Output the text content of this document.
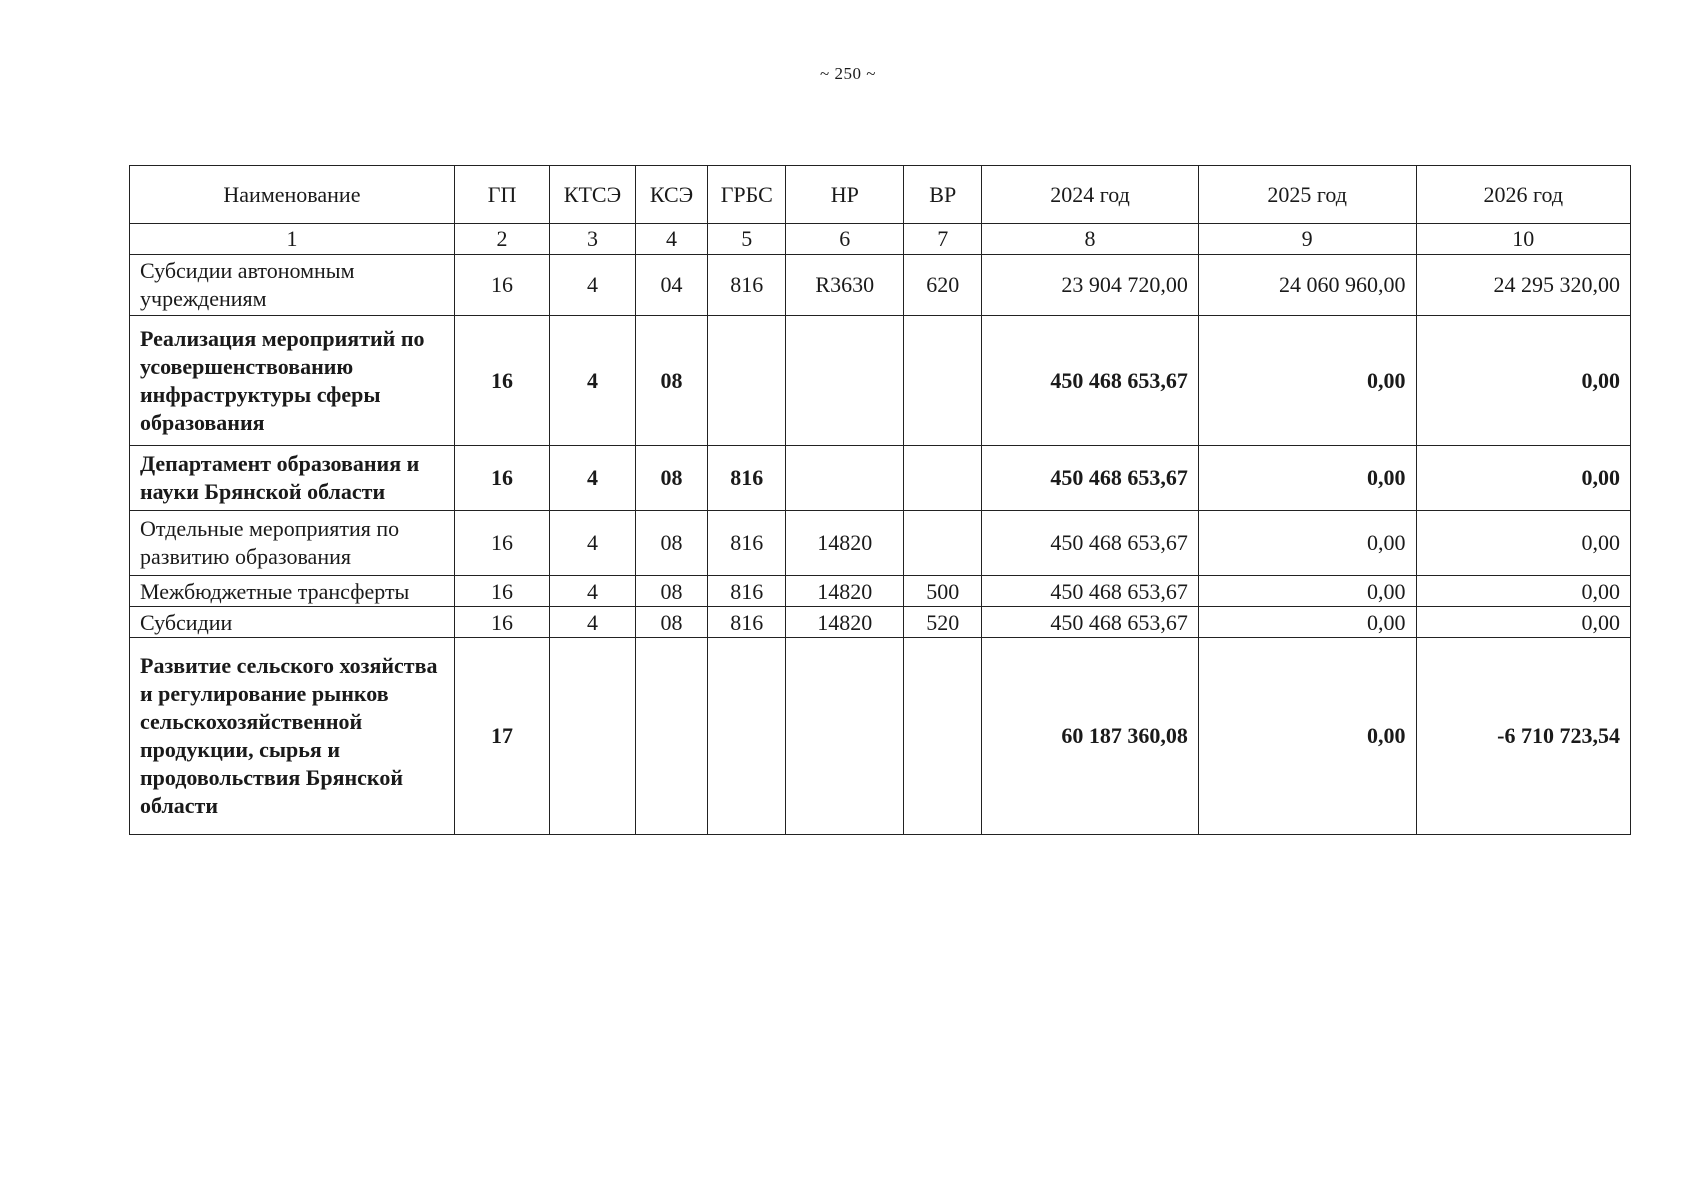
~ 250 ~
Наименование	ГП	КТСЭ	КСЭ	ГРБС	НР	ВР	2024 год	2025 год	2026 год
1	2	3	4	5	6	7	8	9	10
Субсидии автономным учреждениям	16	4	04	816	R3630	620	23 904 720,00	24 060 960,00	24 295 320,00
Реализация мероприятий по усовершенствованию инфраструктуры сферы образования	16	4	08				450 468 653,67	0,00	0,00
Департамент образования и науки Брянской области	16	4	08	816			450 468 653,67	0,00	0,00
Отдельные мероприятия по развитию образования	16	4	08	816	14820		450 468 653,67	0,00	0,00
Межбюджетные трансферты	16	4	08	816	14820	500	450 468 653,67	0,00	0,00
Субсидии	16	4	08	816	14820	520	450 468 653,67	0,00	0,00
Развитие сельского хозяйства и регулирование рынков сельскохозяйственной продукции, сырья и продовольствия Брянской области	17						60 187 360,08	0,00	-6 710 723,54
